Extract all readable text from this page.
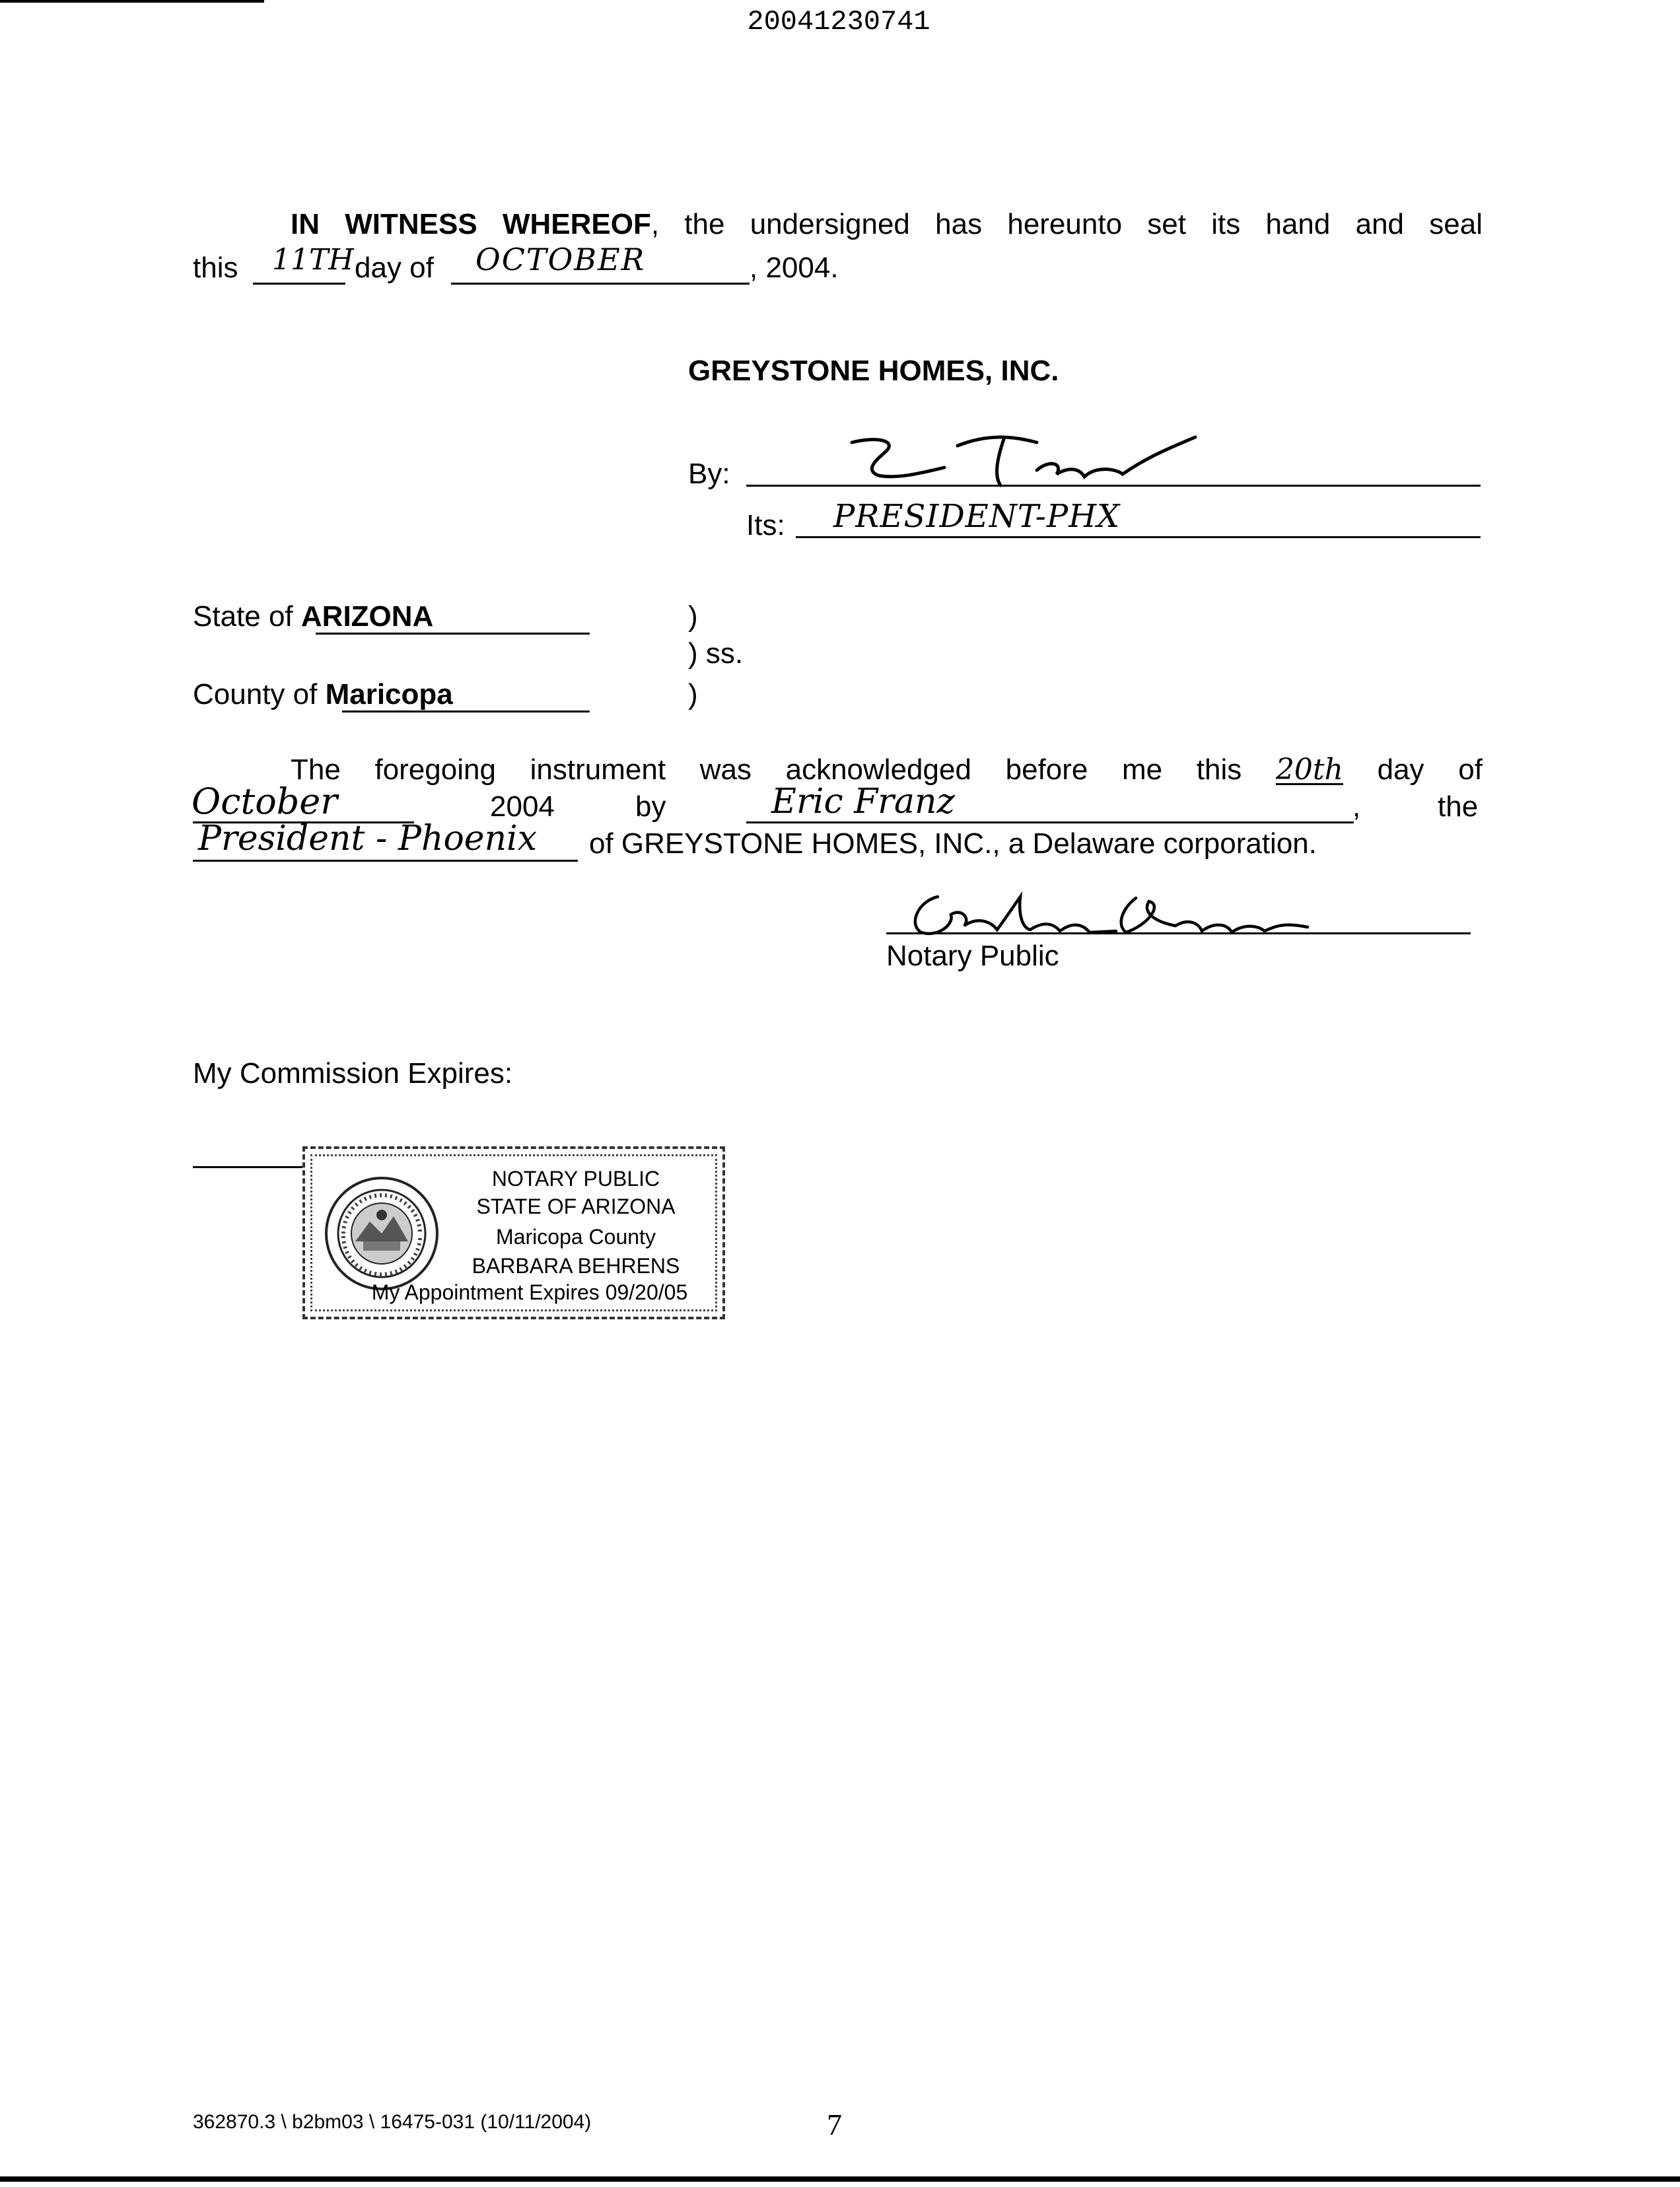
20041230741
IN WITNESS WHEREOF, the undersigned has hereunto set its hand and seal
this 11TH day of OCTOBER	, 2004.
GREYSTONE HOMES, INC.
By:
Its: PRESIDENT-PHX
State of ARIZONA	)
) ss.
)
County of Maricopa
The foregoing instrument was acknowledged before me this 20th day of
October	2004	by	Eric Franz	,	the
President - Phoenix of GREYSTONE HOMES, INC., a Delaware corporation.
Notary Public
My Commission Expires:
NOTARY PUBLIC
STATE OF ARIZONA
Maricopa County
BARBARA BEHRENS
My Appointment Expires 09/20/05
362870.3 \ b2bm03 \ 16475-031 (10/11/2004)	7
